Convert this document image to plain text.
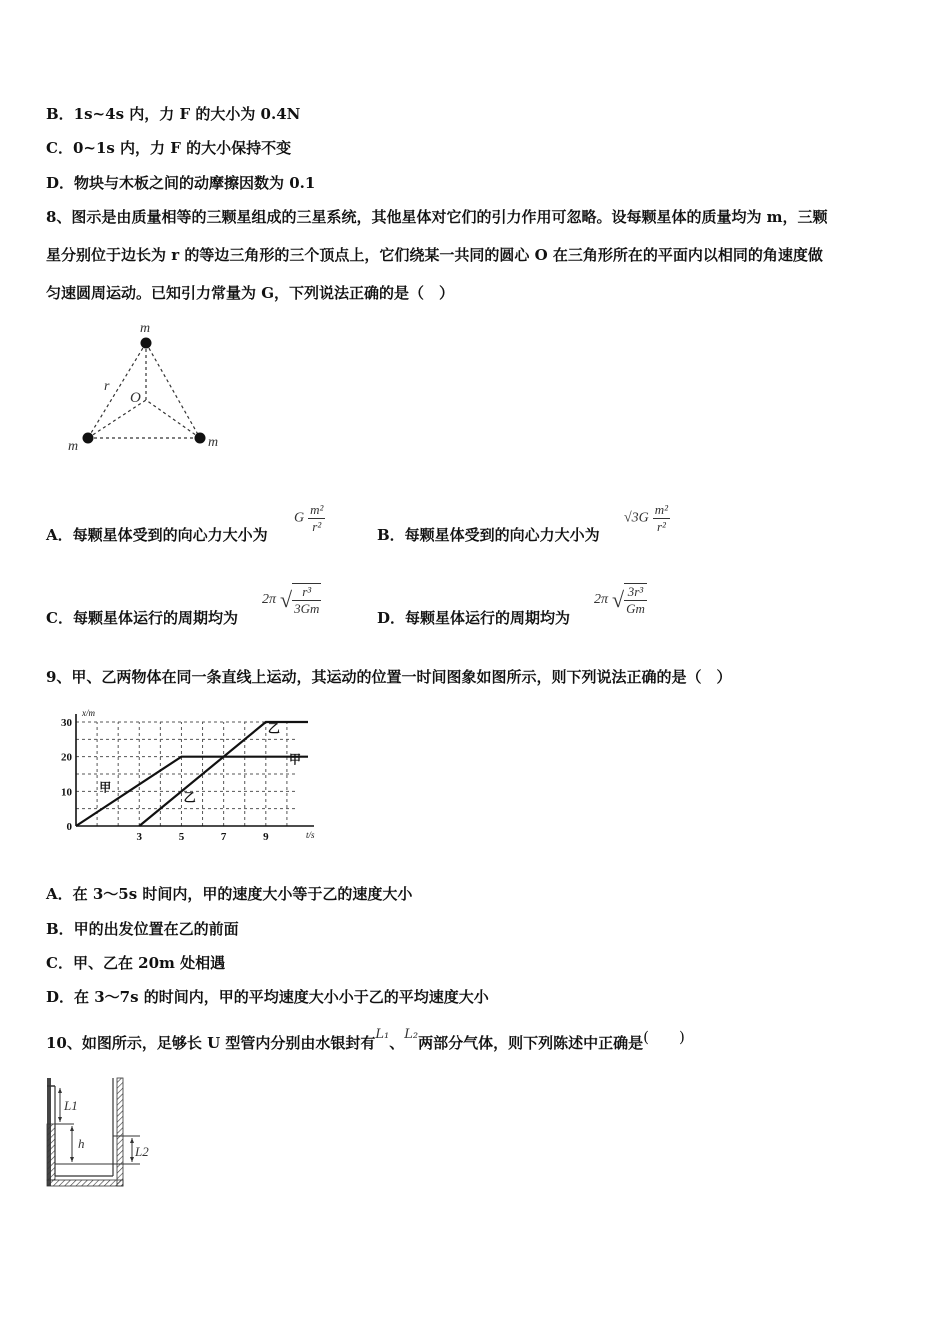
B．1s~4s 内，力 F 的大小为 0.4N
C．0~1s 内，力 F 的大小保持不变
D．物块与木板之间的动摩擦因数为 0.1
8、图示是由质量相等的三颗星组成的三星系统，其他星体对它们的引力作用可忽略。设每颗星体的质量均为 m，三颗
星分别位于边长为 r 的等边三角形的三个顶点上，它们绕某一共同的圆心 O 在三角形所在的平面内以相同的角速度做
匀速圆周运动。已知引力常量为 G，下列说法正确的是（　）
m
m	m
r
O
A．每颗星体受到的向心力大小为
G $\frac{\text{m²}}{\text{r²}}$	B．每颗星体受到的向心力大小为
$√3G \frac{\text{m²}}{\text{r²}}$
C．每颗星体运行的周期均为
2π √ $\frac{\text{r³}}{3Gm}$
D．每颗星体运行的周期均为
2π √ $\frac{\text{3r³}}{Gm}$
9、甲、乙两物体在同一条直线上运动，其运动的位置一时间图象如图所示，则下列说法正确的是（　）
x/m
t/s
0
10
20
30
3	5	7	9
甲
甲
乙
乙
A．在 3～5s 时间内，甲的速度大小等于乙的速度大小
B．甲的出发位置在乙的前面
C．甲、乙在 20m 处相遇
D．在 3～7s 的时间内，甲的平均速度大小小于乙的平均速度大小
10、如图所示，足够长 U 型管内分别由水银封有L₁、L₂两部分气体，则下列陈述中正确是(　　)
L1
h
L2
